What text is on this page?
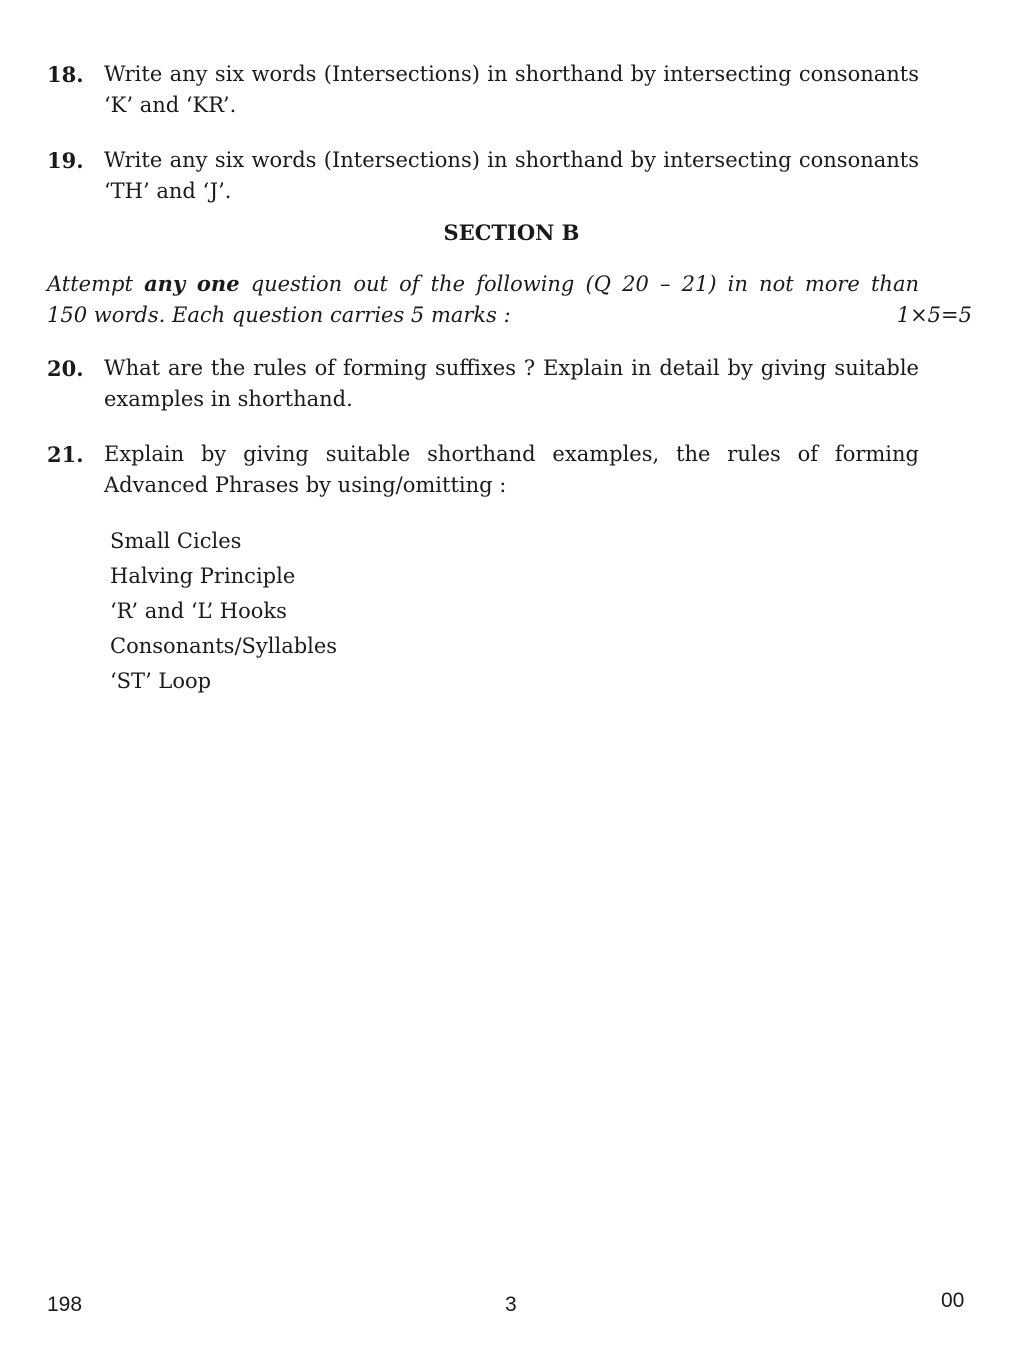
18. Write any six words (Intersections) in shorthand by intersecting consonants ‘K’ and ‘KR’.
19. Write any six words (Intersections) in shorthand by intersecting consonants ‘TH’ and ‘J’.
SECTION B
Attempt any one question out of the following (Q 20 – 21) in not more than
150 words. Each question carries 5 marks :	1×5=5
20. What are the rules of forming suffixes ? Explain in detail by giving suitable examples in shorthand.
21. Explain by giving suitable shorthand examples, the rules of forming Advanced Phrases by using/omitting :
Small Cicles
Halving Principle
‘R’ and ‘L’ Hooks
Consonants/Syllables
‘ST’ Loop
198	3	00
